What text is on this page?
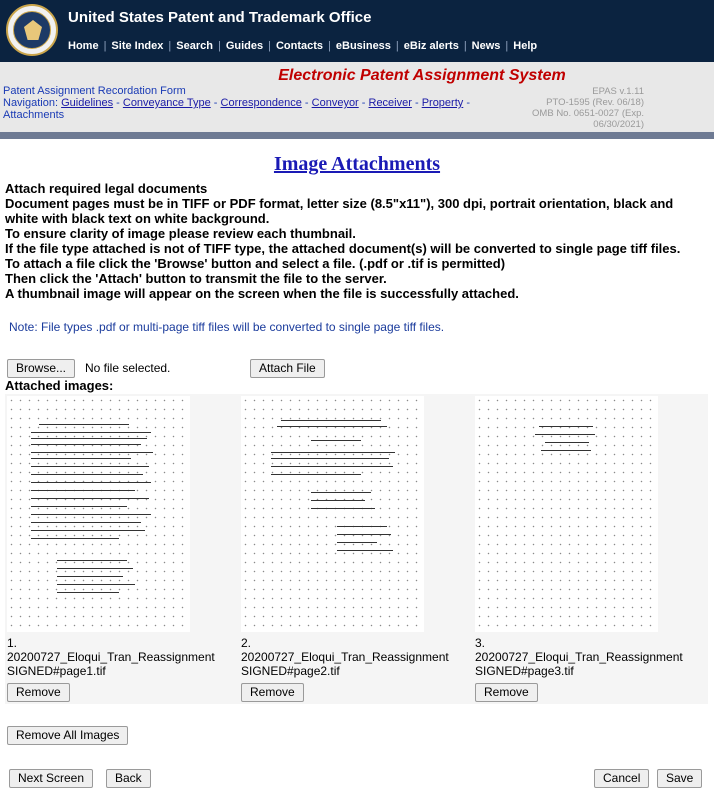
United States Patent and Trademark Office
Home | Site Index | Search | Guides | Contacts | eBusiness | eBiz alerts | News | Help
Electronic Patent Assignment System
Patent Assignment Recordation Form
Navigation: Guidelines - Conveyance Type - Correspondence - Conveyor - Receiver - Property -
Attachments
EPAS v.1.11
PTO-1595 (Rev. 06/18)
OMB No. 0651-0027 (Exp. 06/30/2021)
Image Attachments
Attach required legal documents
Document pages must be in TIFF or PDF format, letter size (8.5"x11"), 300 dpi, portrait orientation, black and white with black text on white background.
To ensure clarity of image please review each thumbnail.
If the file type attached is not of TIFF type, the attached document(s) will be converted to single page tiff files.
To attach a file click the 'Browse' button and select a file. (.pdf or .tif is permitted)
Then click the 'Attach' button to transmit the file to the server.
A thumbnail image will appear on the screen when the file is successfully attached.
Note: File types .pdf or multi-page tiff files will be converted to single page tiff files.
Browse...	No file selected.	Attach File
Attached images:
1.
20200727_Eloqui_Tran_Reassignment
SIGNED#page1.tif
Remove
2.
20200727_Eloqui_Tran_Reassignment
SIGNED#page2.tif
Remove
3.
20200727_Eloqui_Tran_Reassignment
SIGNED#page3.tif
Remove
Remove All Images
Next Screen	Back	Cancel	Save
